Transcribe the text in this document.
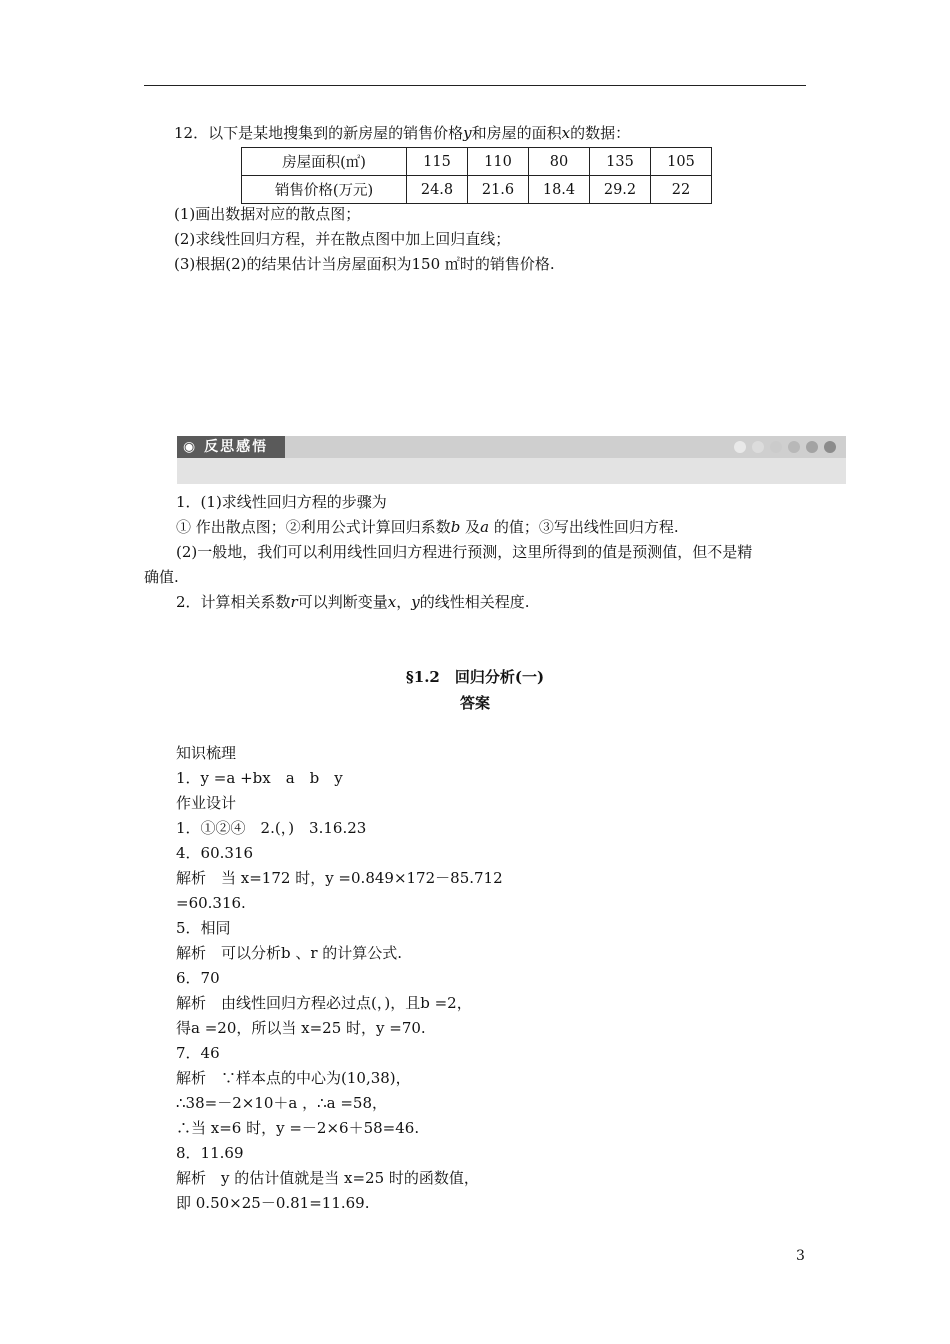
12．以下是某地搜集到的新房屋的销售价格y和房屋的面积x的数据：
房屋面积(㎡)	115	110	80	135	105
销售价格(万元)	24.8	21.6	18.4	29.2	22
(1)画出数据对应的散点图；
(2)求线性回归方程，并在散点图中加上回归直线；
(3)根据(2)的结果估计当房屋面积为150 ㎡时的销售价格.
◉ 反思感悟
1．(1)求线性回归方程的步骤为
① 作出散点图；②利用公式计算回归系数b 及a 的值；③写出线性回归方程.
(2)一般地，我们可以利用线性回归方程进行预测，这里所得到的值是预测值，但不是精
确值.
2．计算相关系数r可以判断变量x，y的线性相关程度.
§1.2　回归分析(一)
答案
知识梳理
1．y =a +bx　a　b　y
作业设计
1．①②④　2.(，)　3.16.23
4．60.316
解析　当 x=172 时，y =0.849×172－85.712
=60.316.
5．相同
解析　可以分析b 、r 的计算公式.
6．70
解析　由线性回归方程必过点(，)，且b =2，
得a =20，所以当 x=25 时，y =70.
7．46
解析　∵样本点的中心为(10,38)，
∴38=－2×10＋a ，∴a =58，
∴当 x=6 时，y =－2×6＋58=46.
8．11.69
解析　y 的估计值就是当 x=25 时的函数值，
即 0.50×25－0.81=11.69.
3
